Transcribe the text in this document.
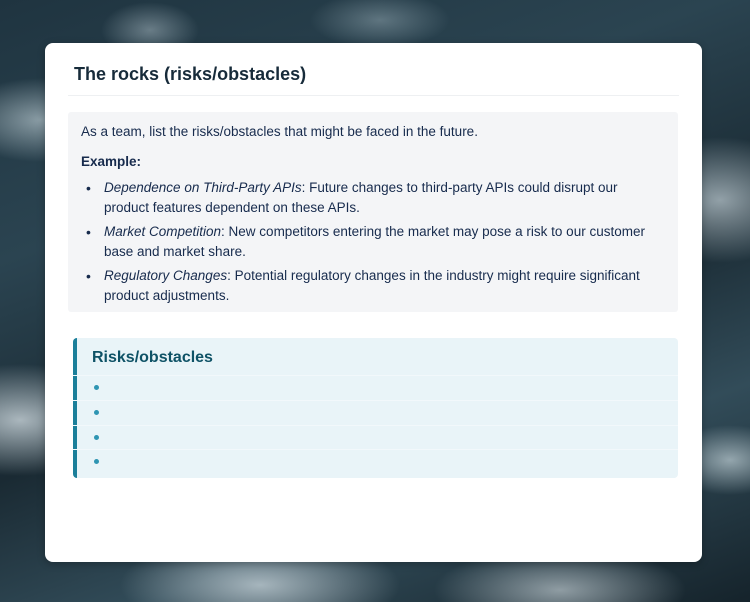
The rocks (risks/obstacles)

As a team, list the risks/obstacles that might be faced in the future.

Example:

• Dependence on Third-Party APIs: Future changes to third-party APIs could disrupt our product features dependent on these APIs.
• Market Competition: New competitors entering the market may pose a risk to our customer base and market share.
• Regulatory Changes: Potential regulatory changes in the industry might require significant product adjustments.
Risks/obstacles
